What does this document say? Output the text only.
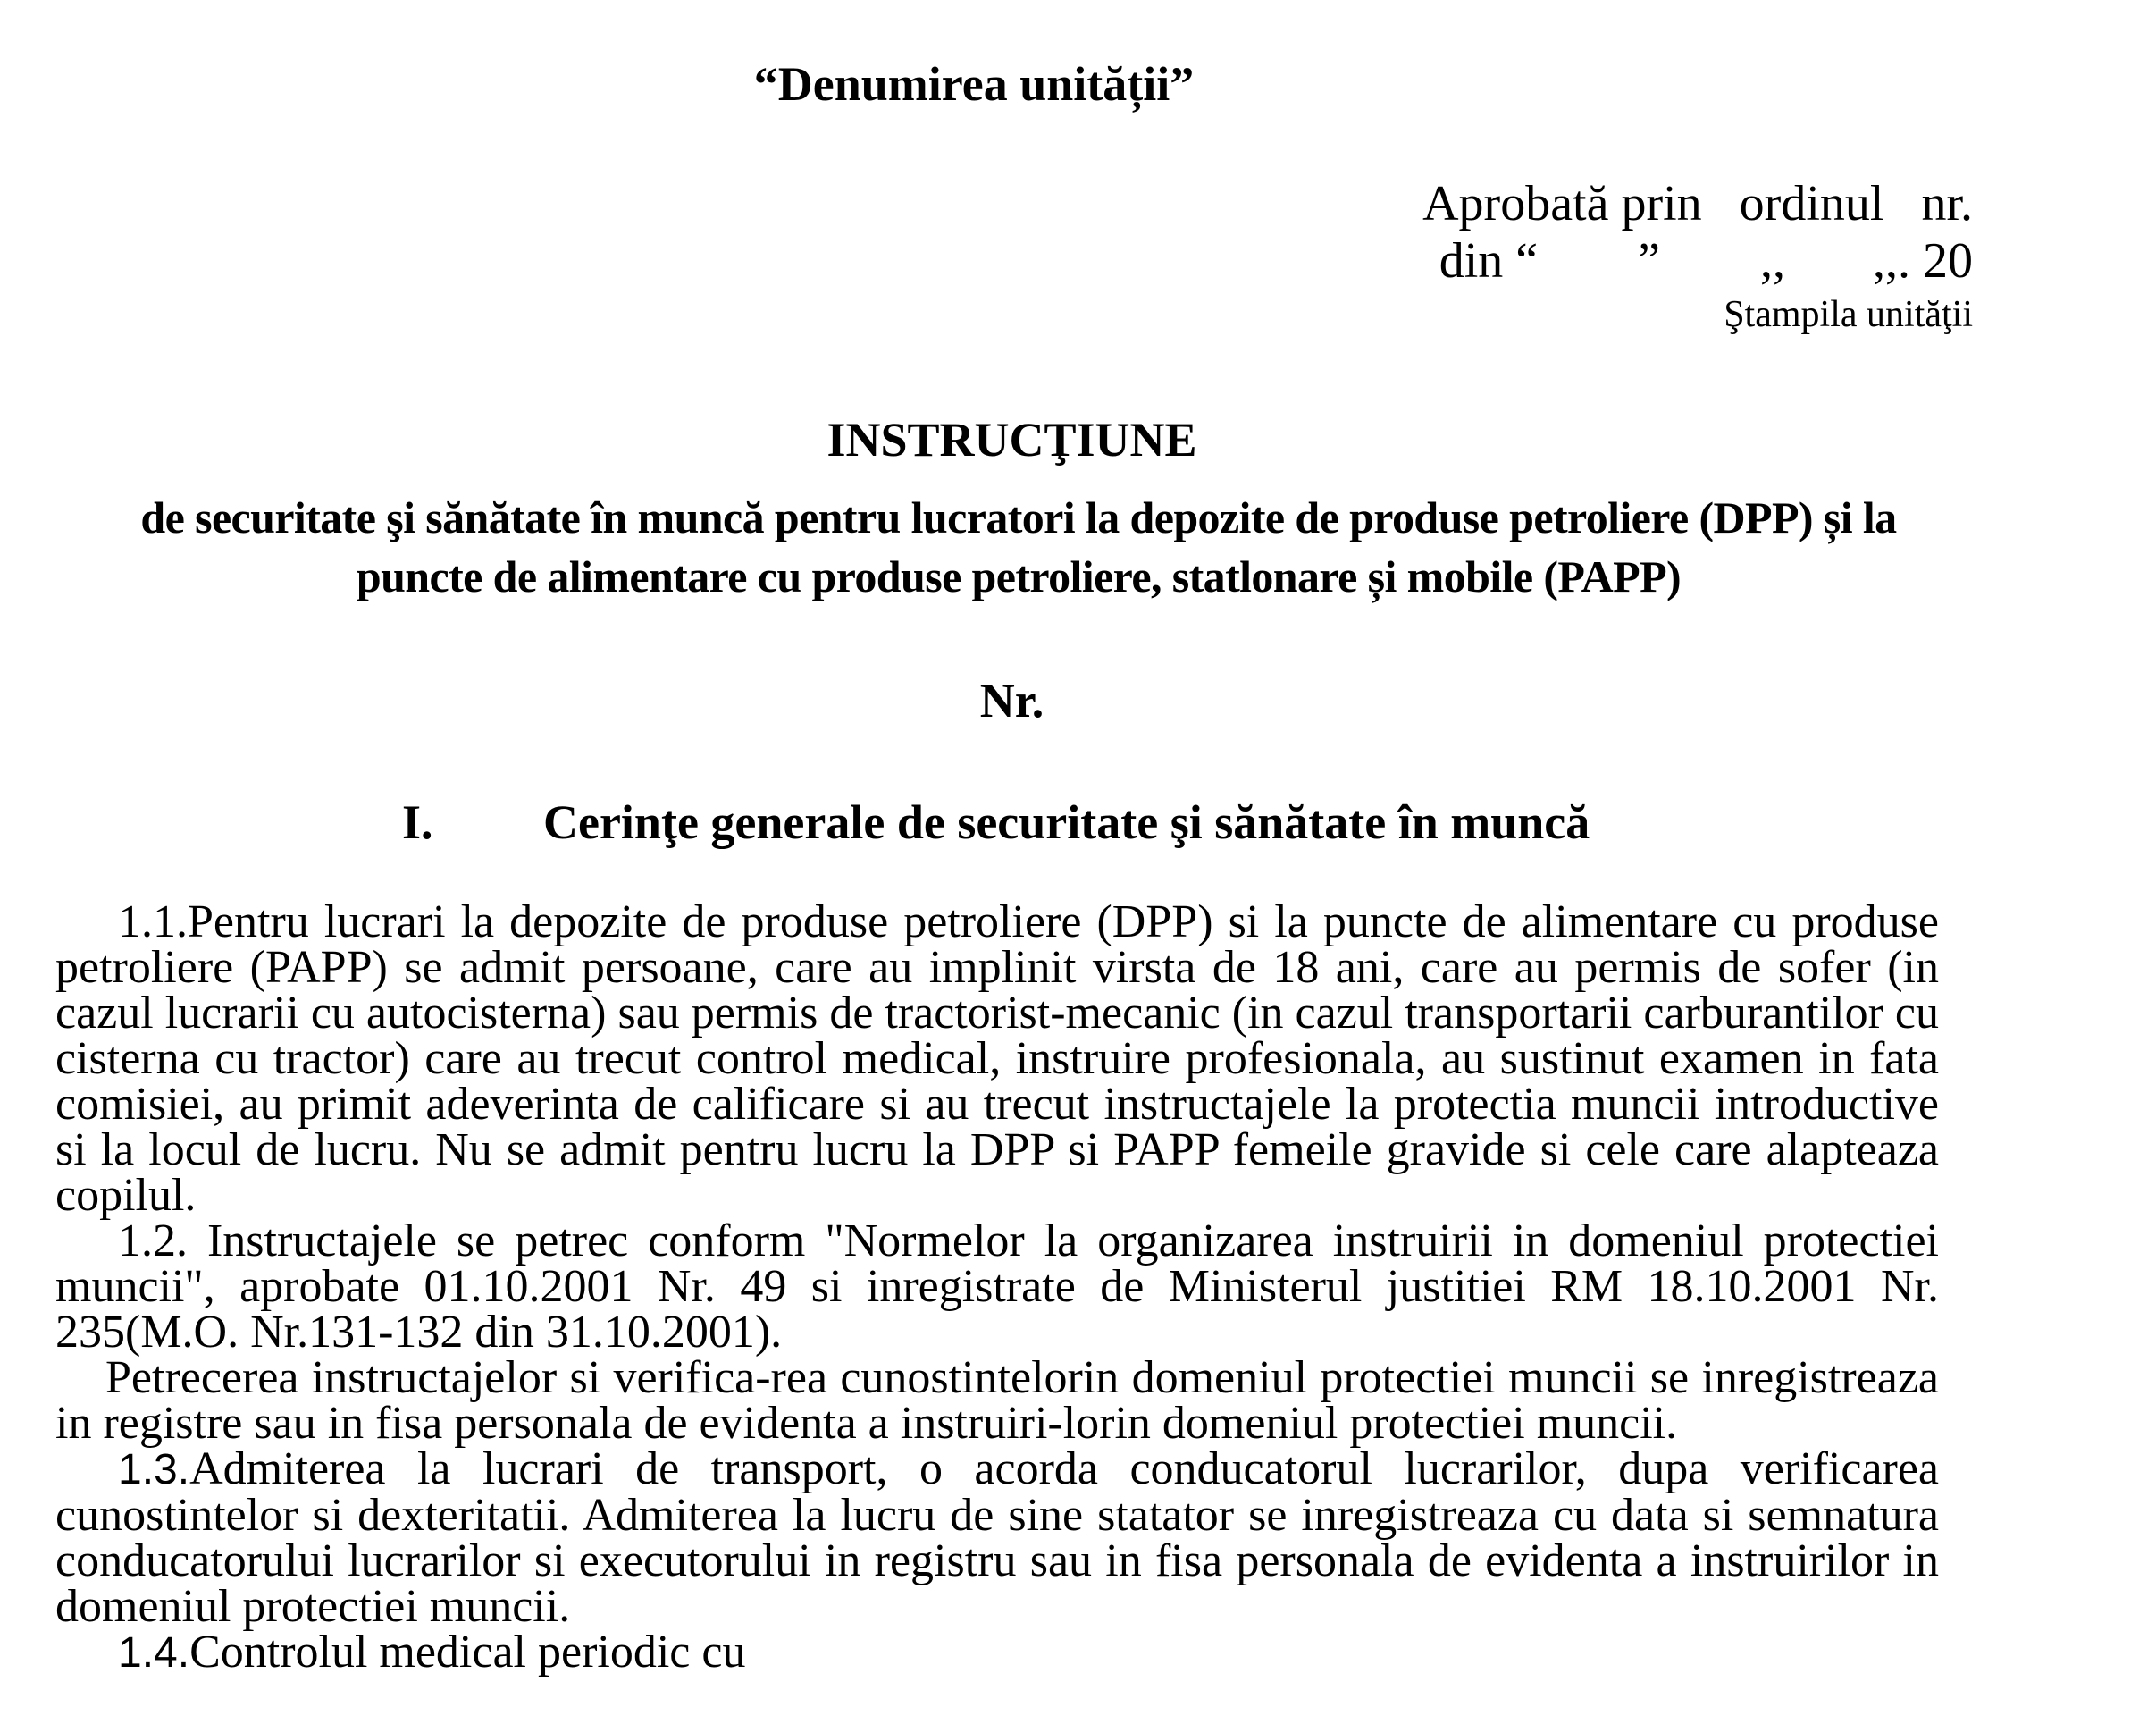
“Denumirea unității”
Aprobată prin   ordinul   nr.
din “        ”        ,,       ,,. 20
Ştampila unităţii
INSTRUCŢIUNE
de securitate şi sănătate în muncă pentru lucratori la depozite de produse petroliere (DPP) și la puncte de alimentare cu produse petroliere, statlonare și mobile (PAPP)
Nr.
I. Cerinţe generale de securitate şi sănătate în muncă

1.1.Pentru lucrari la depozite de produse petroliere (DPP) si la puncte de alimentare cu produse petroliere (PAPP) se admit persoane, care au implinit virsta de 18 ani, care au permis de sofer (in cazul lucrarii cu autocisterna) sau permis de tractorist-mecanic (in cazul transportarii carburantilor cu cisterna cu tractor) care au trecut control medical, instruire profesionala, au sustinut examen in fata comisiei, au primit adeverinta de calificare si au trecut instructajele la protectia muncii introductive si la locul de lucru. Nu se admit pentru lucru la DPP si PAPP femeile gravide si cele care alapteaza copilul.

1.2. Instructajele se petrec conform "Normelor la organizarea instruirii in domeniul protectiei muncii", aprobate 01.10.2001 Nr. 49 si inregistrate de Ministerul justitiei RM 18.10.2001 Nr. 235(M.O. Nr.131-132 din 31.10.2001).

Petrecerea instructajelor si verifica-rea cunostintelorin domeniul protectiei muncii se inregistreaza in registre sau in fisa personala de evidenta a instruiri-lorin domeniul protectiei muncii.

1.3.Admiterea la lucrari de transport, o acorda conducatorul lucrarilor, dupa verificarea cunostintelor si dexteritatii. Admiterea la lucru de sine statator se inregistreaza cu data si semnatura conducatorului lucrarilor si executorului in registru sau in fisa personala de evidenta a instruirilor in domeniul protectiei muncii.

1.4.Controlul medical periodic cu
